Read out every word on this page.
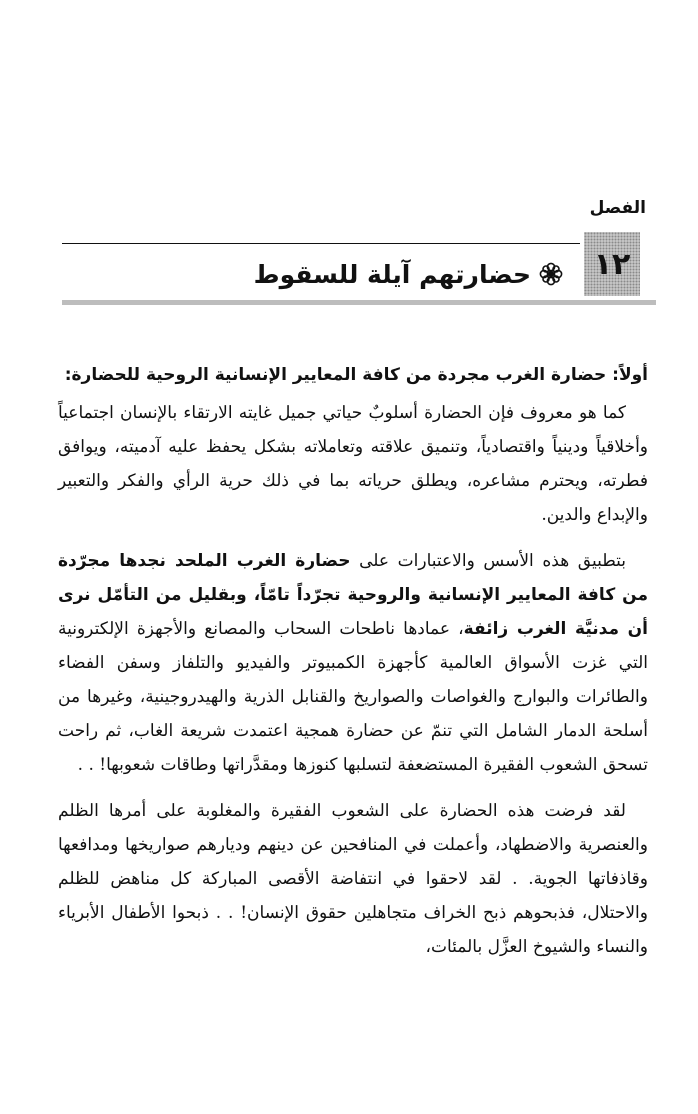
الفصل
١٢
حضارتهم آيلة للسقوط
أولاً: حضارة الغرب مجردة من كافة المعايير الإنسانية الروحية للحضارة:

كما هو معروف فإن الحضارة أسلوبٌ حياتي جميل غايته الارتقاء بالإنسان اجتماعياً وأخلاقياً ودينياً واقتصادياً، وتنميق علاقته وتعاملاته بشكل يحفظ عليه آدميته، ويوافق فطرته، ويحترم مشاعره، ويطلق حرياته بما في ذلك حرية الرأي والفكر والتعبير والإبداع والدين.

بتطبيق هذه الأسس والاعتبارات على حضارة الغرب الملحد نجدها مجرّدة من كافة المعايير الإنسانية والروحية تجرّداً تامّاً، وبقليل من التأمّل نرى أن مدنيَّة الغرب زائفة، عمادها ناطحات السحاب والمصانع والأجهزة الإلكترونية التي غزت الأسواق العالمية كأجهزة الكمبيوتر والفيديو والتلفاز وسفن الفضاء والطائرات والبوارج والغواصات والصواريخ والقنابل الذرية والهيدروجينية، وغيرها من أسلحة الدمار الشامل التي تنمّ عن حضارة همجية اعتمدت شريعة الغاب، ثم راحت تسحق الشعوب الفقيرة المستضعفة لتسلبها كنوزها ومقدَّراتها وطاقات شعوبها! . .

لقد فرضت هذه الحضارة على الشعوب الفقيرة والمغلوبة على أمرها الظلم والعنصرية والاضطهاد، وأعملت في المنافحين عن دينهم وديارهم صواريخها ومدافعها وقاذفاتها الجوية. . لقد لاحقوا في انتفاضة الأقصى المباركة كل مناهض للظلم والاحتلال، فذبحوهم ذبح الخراف متجاهلين حقوق الإنسان! . . ذبحوا الأطفال الأبرياء والنساء والشيوخ العزَّل بالمئات،
